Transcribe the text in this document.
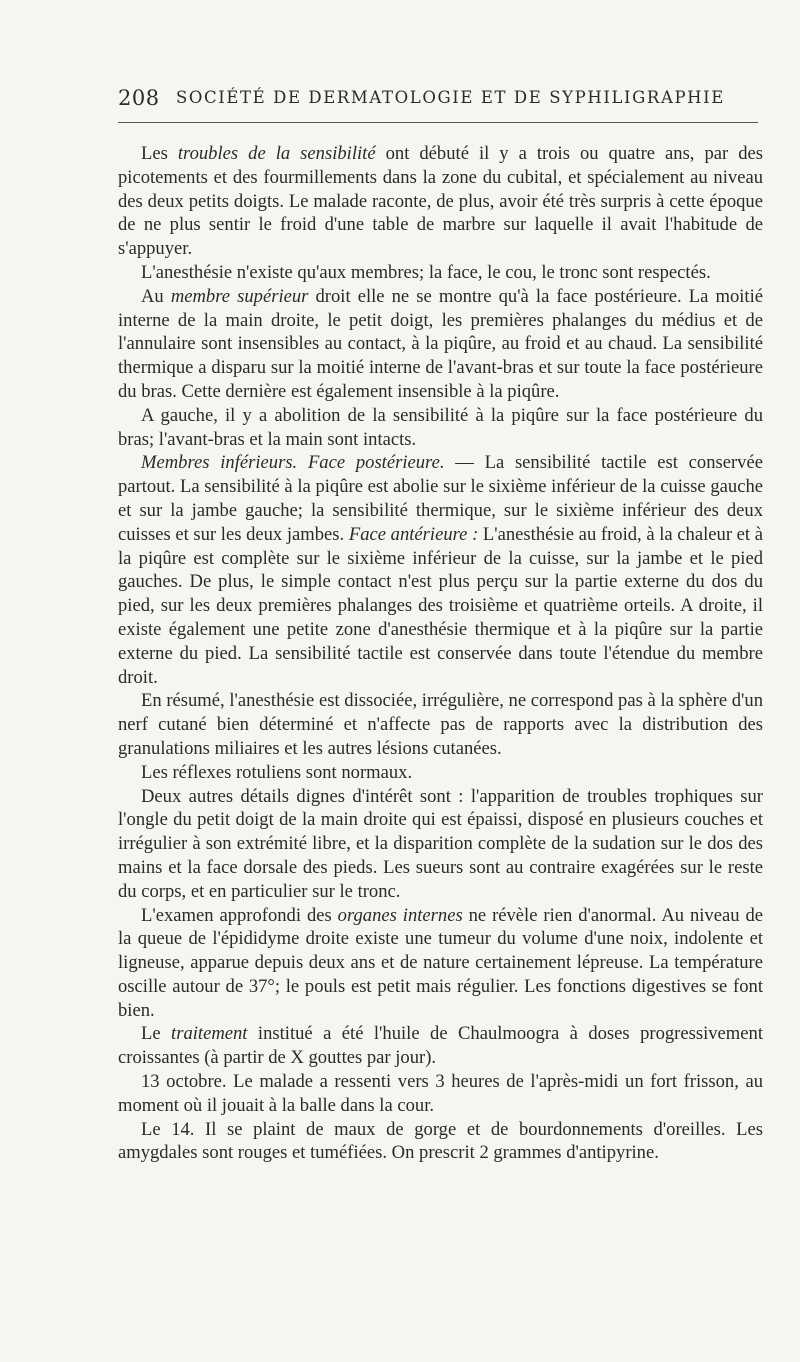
208 SOCIÉTÉ DE DERMATOLOGIE ET DE SYPHILIGRAPHIE

Les troubles de la sensibilité ont débuté il y a trois ou quatre ans, par des picotements et des fourmillements dans la zone du cubital, et spécialement au niveau des deux petits doigts. Le malade raconte, de plus, avoir été très surpris à cette époque de ne plus sentir le froid d'une table de marbre sur laquelle il avait l'habitude de s'appuyer.

L'anesthésie n'existe qu'aux membres; la face, le cou, le tronc sont respectés.

Au membre supérieur droit elle ne se montre qu'à la face postérieure. La moitié interne de la main droite, le petit doigt, les premières phalanges du médius et de l'annulaire sont insensibles au contact, à la piqûre, au froid et au chaud. La sensibilité thermique a disparu sur la moitié interne de l'avant-bras et sur toute la face postérieure du bras. Cette dernière est également insensible à la piqûre.

A gauche, il y a abolition de la sensibilité à la piqûre sur la face postérieure du bras; l'avant-bras et la main sont intacts.

Membres inférieurs. Face postérieure. — La sensibilité tactile est conservée partout. La sensibilité à la piqûre est abolie sur le sixième inférieur de la cuisse gauche et sur la jambe gauche; la sensibilité thermique, sur le sixième inférieur des deux cuisses et sur les deux jambes. Face antérieure : L'anesthésie au froid, à la chaleur et à la piqûre est complète sur le sixième inférieur de la cuisse, sur la jambe et le pied gauches. De plus, le simple contact n'est plus perçu sur la partie externe du dos du pied, sur les deux premières phalanges des troisième et quatrième orteils. A droite, il existe également une petite zone d'anesthésie thermique et à la piqûre sur la partie externe du pied. La sensibilité tactile est conservée dans toute l'étendue du membre droit.

En résumé, l'anesthésie est dissociée, irrégulière, ne correspond pas à la sphère d'un nerf cutané bien déterminé et n'affecte pas de rapports avec la distribution des granulations miliaires et les autres lésions cutanées.

Les réflexes rotuliens sont normaux.

Deux autres détails dignes d'intérêt sont : l'apparition de troubles trophiques sur l'ongle du petit doigt de la main droite qui est épaissi, disposé en plusieurs couches et irrégulier à son extrémité libre, et la disparition complète de la sudation sur le dos des mains et la face dorsale des pieds. Les sueurs sont au contraire exagérées sur le reste du corps, et en particulier sur le tronc.

L'examen approfondi des organes internes ne révèle rien d'anormal. Au niveau de la queue de l'épididyme droite existe une tumeur du volume d'une noix, indolente et ligneuse, apparue depuis deux ans et de nature certainement lépreuse. La température oscille autour de 37°; le pouls est petit mais régulier. Les fonctions digestives se font bien.

Le traitement institué a été l'huile de Chaulmoogra à doses progressivement croissantes (à partir de X gouttes par jour).

13 octobre. Le malade a ressenti vers 3 heures de l'après-midi un fort frisson, au moment où il jouait à la balle dans la cour.

Le 14. Il se plaint de maux de gorge et de bourdonnements d'oreilles. Les amygdales sont rouges et tuméfiées. On prescrit 2 grammes d'antipyrine.
